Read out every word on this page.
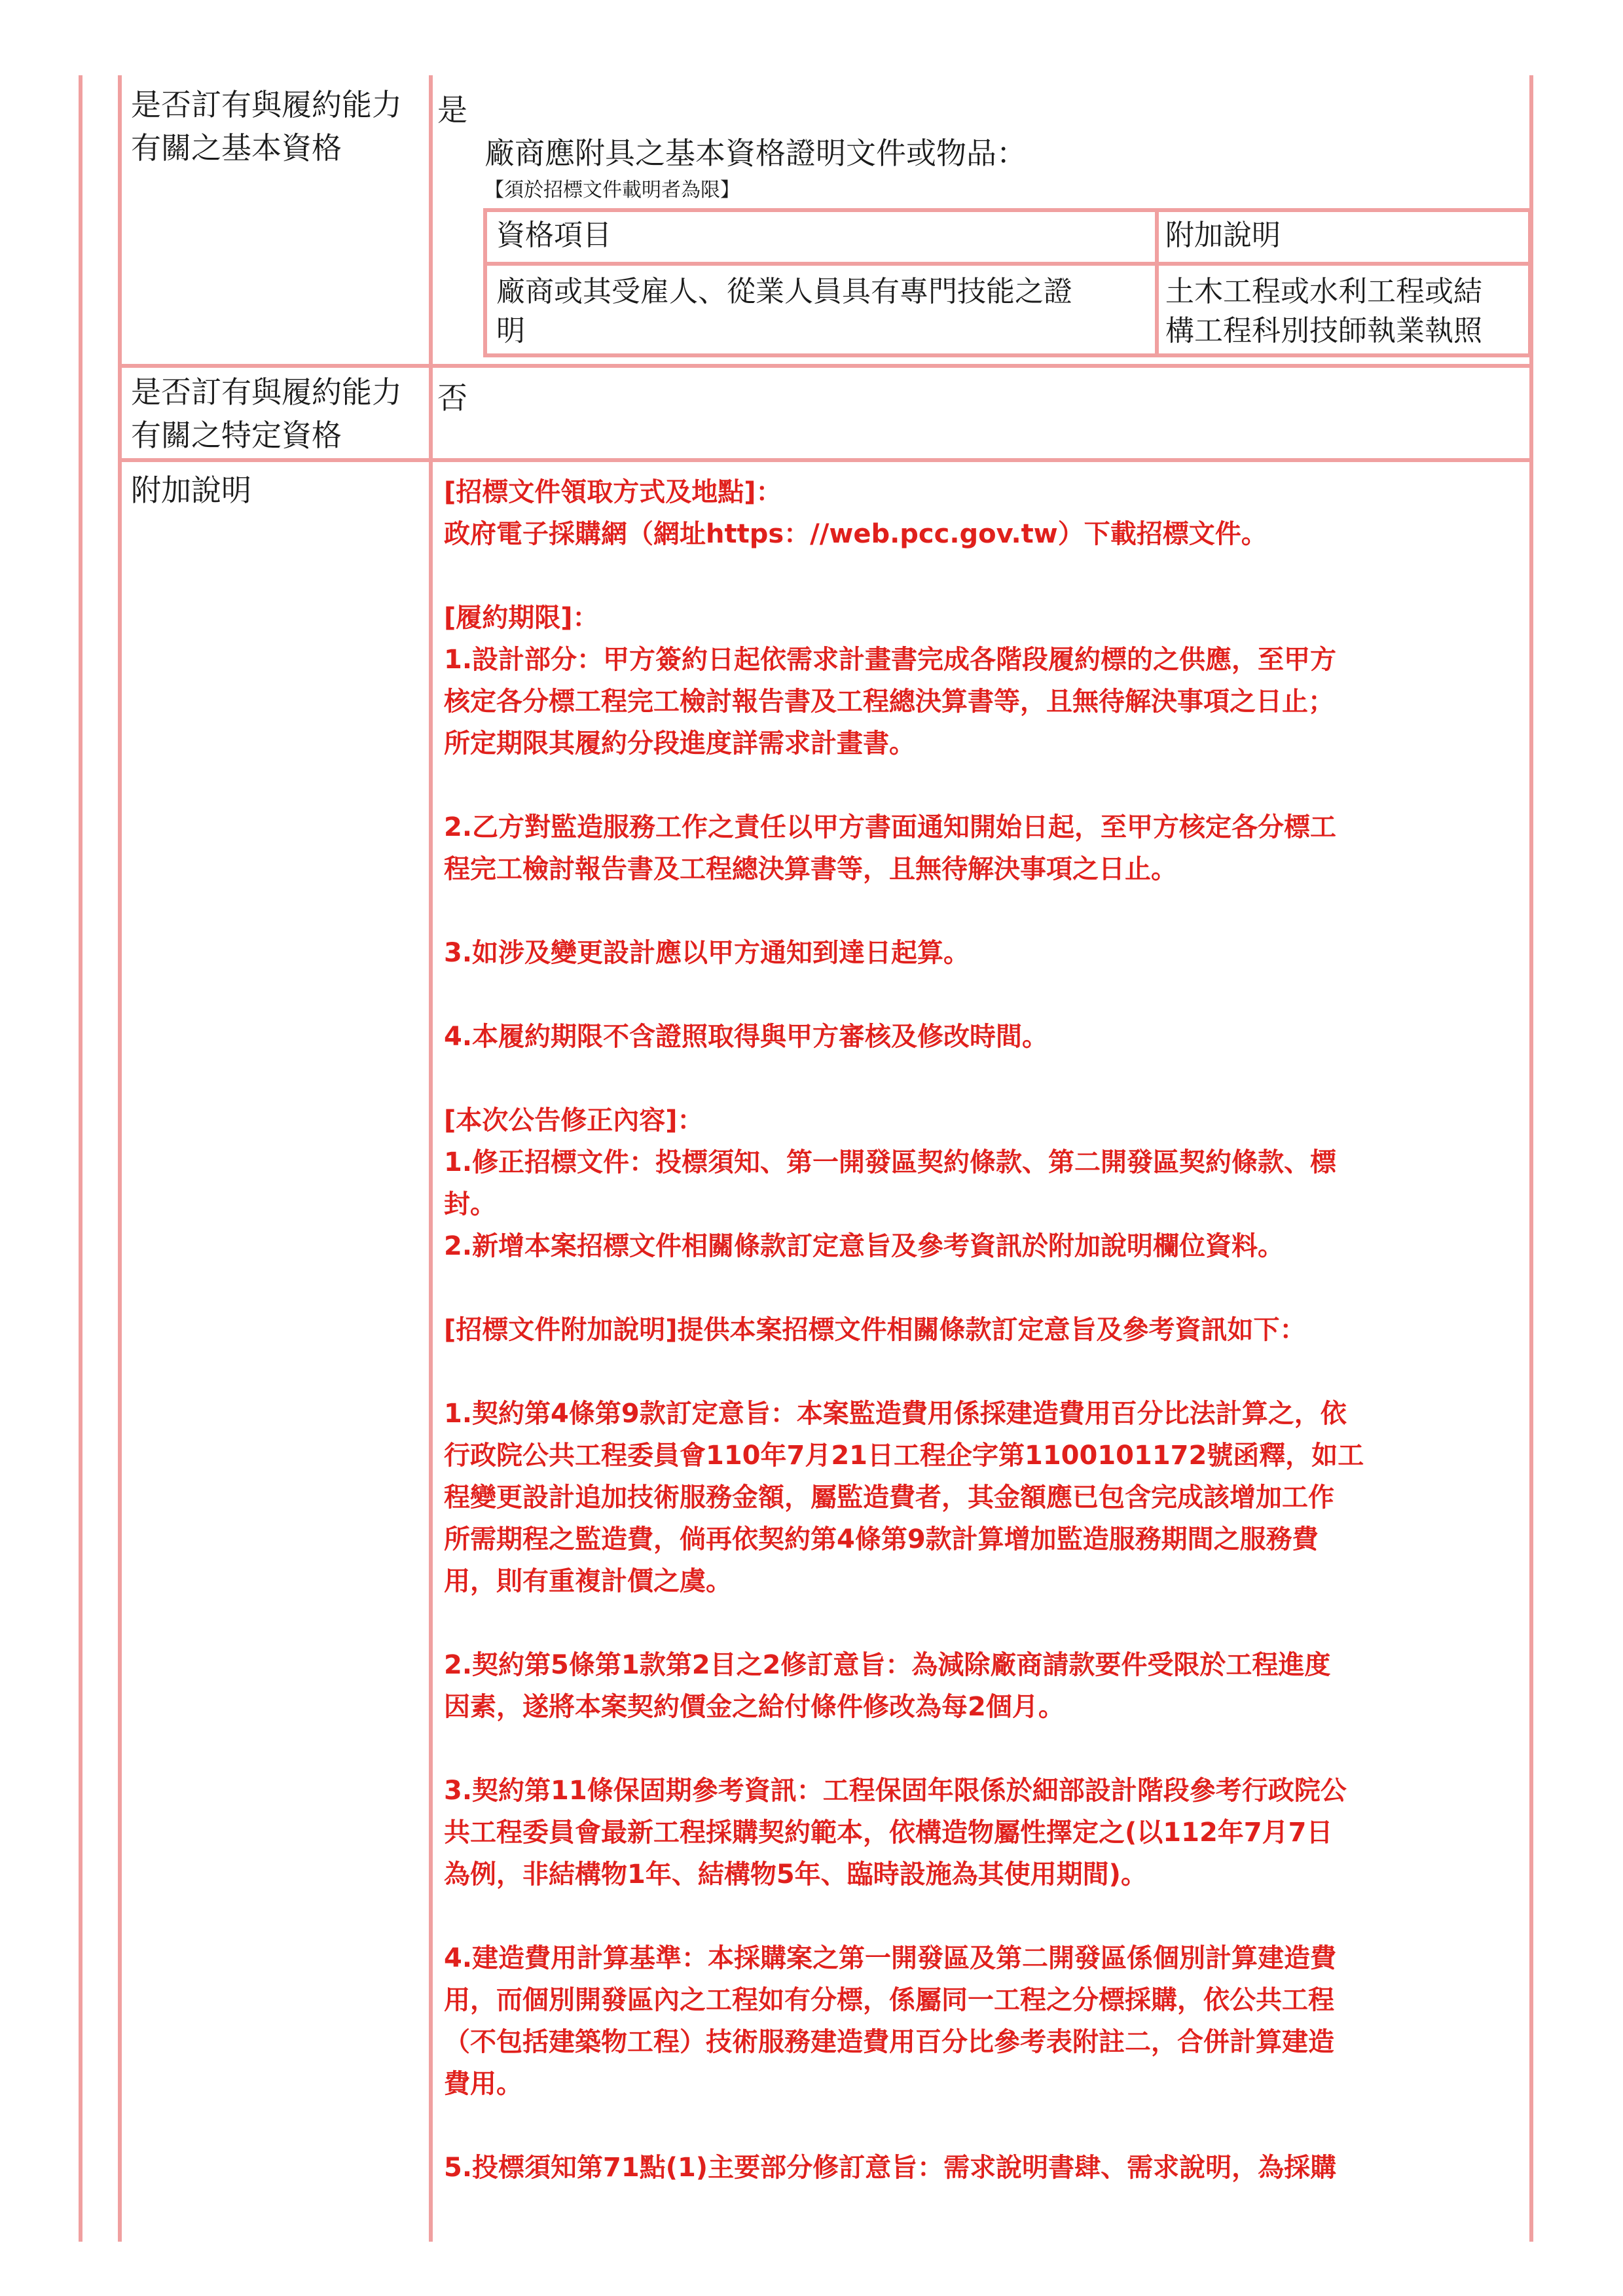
是否訂有與履約能力
有關之基本資格
是
廠商應附具之基本資格證明文件或物品：
【須於招標文件載明者為限】
資格項目	附加說明
廠商或其受雇人、從業人員具有專門技能之證
明
土木工程或水利工程或結
構工程科別技師執業執照
是否訂有與履約能力
有關之特定資格
否
附加說明	[招標文件領取方式及地點]：
政府電子採購網（網址https：//web.pcc.gov.tw）下載招標文件。
[履約期限]：
1.設計部分：甲方簽約日起依需求計畫書完成各階段履約標的之供應，至甲方
核定各分標工程完工檢討報告書及工程總決算書等，且無待解決事項之日止；
所定期限其履約分段進度詳需求計畫書。
2.乙方對監造服務工作之責任以甲方書面通知開始日起，至甲方核定各分標工
程完工檢討報告書及工程總決算書等，且無待解決事項之日止。
3.如涉及變更設計應以甲方通知到達日起算。
4.本履約期限不含證照取得與甲方審核及修改時間。
[本次公告修正內容]：
1.修正招標文件：投標須知、第一開發區契約條款、第二開發區契約條款、標
封。
2.新增本案招標文件相關條款訂定意旨及參考資訊於附加說明欄位資料。
[招標文件附加說明]提供本案招標文件相關條款訂定意旨及參考資訊如下：
1.契約第4條第9款訂定意旨：本案監造費用係採建造費用百分比法計算之，依
行政院公共工程委員會110年7月21日工程企字第1100101172號函釋，如工
程變更設計追加技術服務金額，屬監造費者，其金額應已包含完成該增加工作
所需期程之監造費，倘再依契約第4條第9款計算增加監造服務期間之服務費
用，則有重複計價之虞。
2.契約第5條第1款第2目之2修訂意旨：為減除廠商請款要件受限於工程進度
因素，遂將本案契約價金之給付條件修改為每2個月。
3.契約第11條保固期參考資訊：工程保固年限係於細部設計階段參考行政院公
共工程委員會最新工程採購契約範本，依構造物屬性擇定之(以112年7月7日
為例，非結構物1年、結構物5年、臨時設施為其使用期間)。
4.建造費用計算基準：本採購案之第一開發區及第二開發區係個別計算建造費
用，而個別開發區內之工程如有分標，係屬同一工程之分標採購，依公共工程
（不包括建築物工程）技術服務建造費用百分比參考表附註二，合併計算建造
費用。
5.投標須知第71點(1)主要部分修訂意旨：需求說明書肆、需求說明，為採購
